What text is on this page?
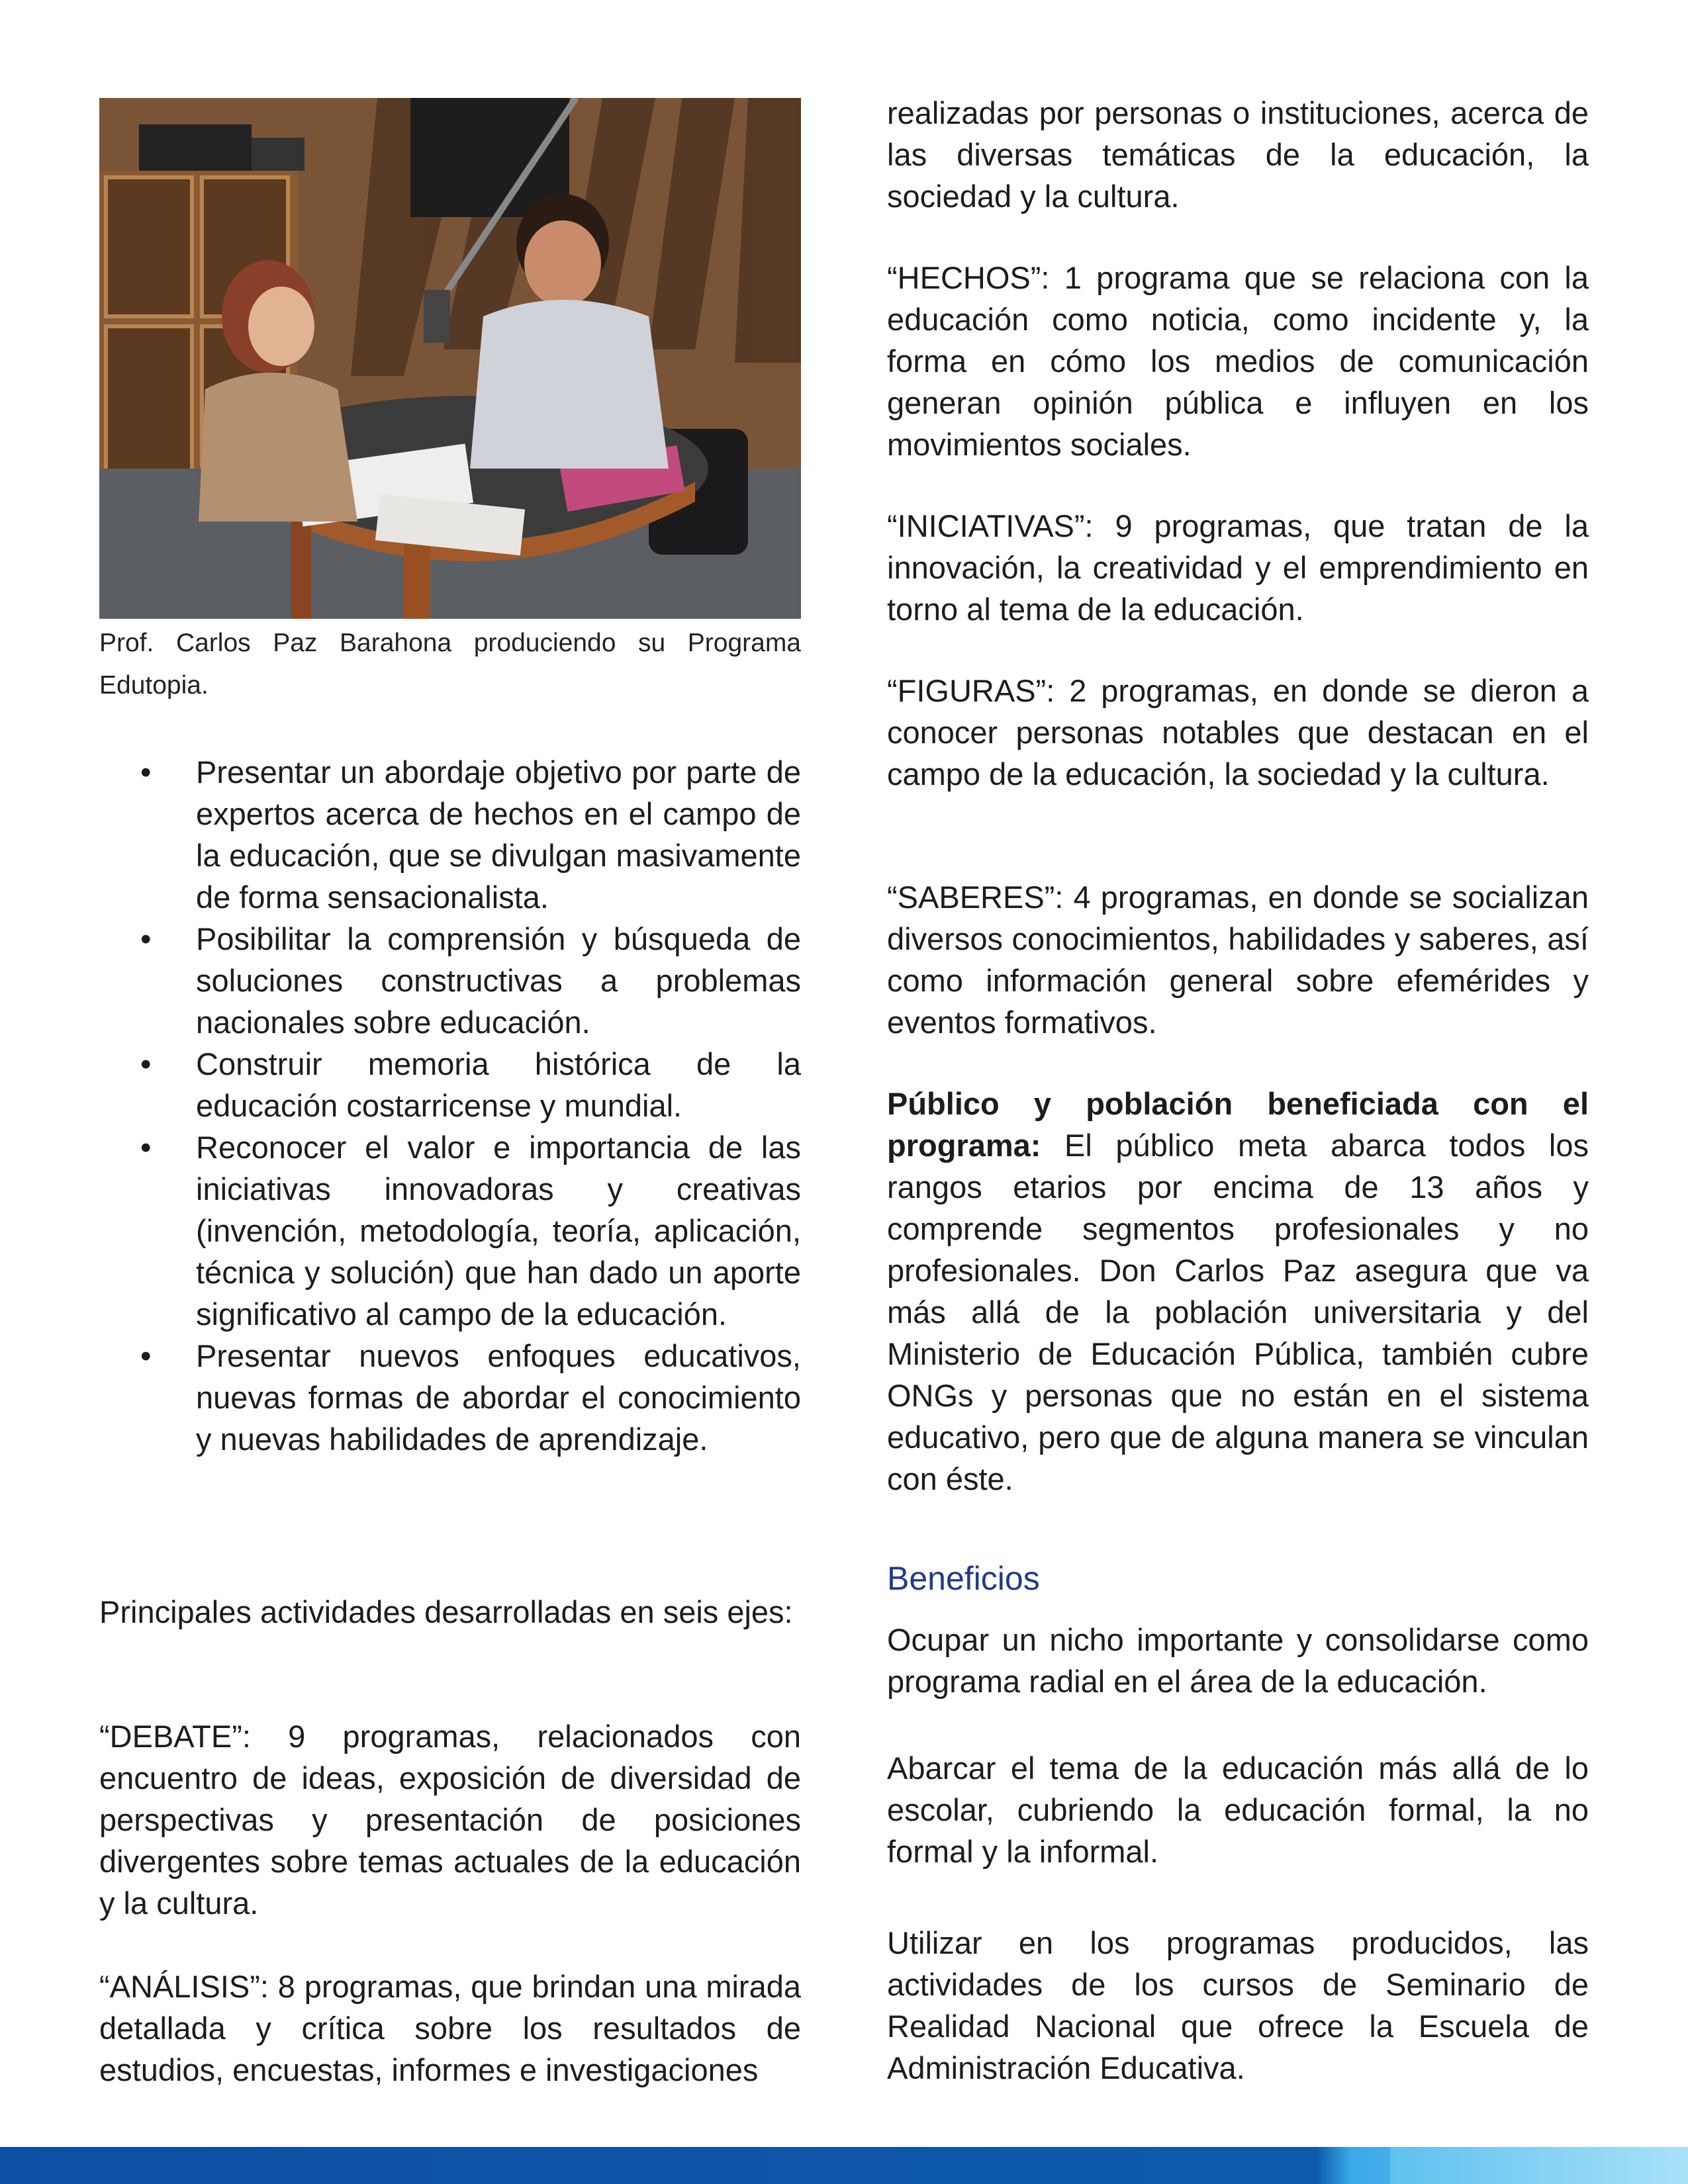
Prof. Carlos Paz Barahona produciendo su Programa Edutopia.
• Presentar un abordaje objetivo por parte de expertos acerca de hechos en el campo de la educación, que se divulgan masivamente de forma sensacionalista.
• Posibilitar la comprensión y búsqueda de soluciones constructivas a problemas nacionales sobre educación.
• Construir memoria histórica de la educación costarricense y mundial.
• Reconocer el valor e importancia de las iniciativas innovadoras y creativas (invención, metodología, teoría, aplicación, técnica y solución) que han dado un aporte significativo al campo de la educación.
• Presentar nuevos enfoques educativos, nuevas formas de abordar el conocimiento y nuevas habilidades de aprendizaje.

Principales actividades desarrolladas en seis ejes:

“DEBATE”: 9 programas, relacionados con encuentro de ideas, exposición de diversidad de perspectivas y presentación de posiciones divergentes sobre temas actuales de la educación y la cultura.

“ANÁLISIS”: 8 programas, que brindan una mirada detallada y crítica sobre los resultados de estudios, encuestas, informes e investigaciones

realizadas por personas o instituciones, acerca de las diversas temáticas de la educación, la sociedad y la cultura.

“HECHOS”: 1 programa que se relaciona con la educación como noticia, como incidente y, la forma en cómo los medios de comunicación generan opinión pública e influyen en los movimientos sociales.

“INICIATIVAS”: 9 programas, que tratan de la innovación, la creatividad y el emprendimiento en torno al tema de la educación.

“FIGURAS”: 2 programas, en donde se dieron a conocer personas notables que destacan en el campo de la educación, la sociedad y la cultura.

“SABERES”: 4 programas, en donde se socializan diversos conocimientos, habilidades y saberes, así como información general sobre efemérides y eventos formativos.

Público y población beneficiada con el programa: El público meta abarca todos los rangos etarios por encima de 13 años y comprende segmentos profesionales y no profesionales. Don Carlos Paz asegura que va más allá de la población universitaria y del Ministerio de Educación Pública, también cubre ONGs y personas que no están en el sistema educativo, pero que de alguna manera se vinculan con éste.

Beneficios

Ocupar un nicho importante y consolidarse como programa radial en el área de la educación.

Abarcar el tema de la educación más allá de lo escolar, cubriendo la educación formal, la no formal y la informal.

Utilizar en los programas producidos, las actividades de los cursos de Seminario de Realidad Nacional que ofrece la Escuela de Administración Educativa.
